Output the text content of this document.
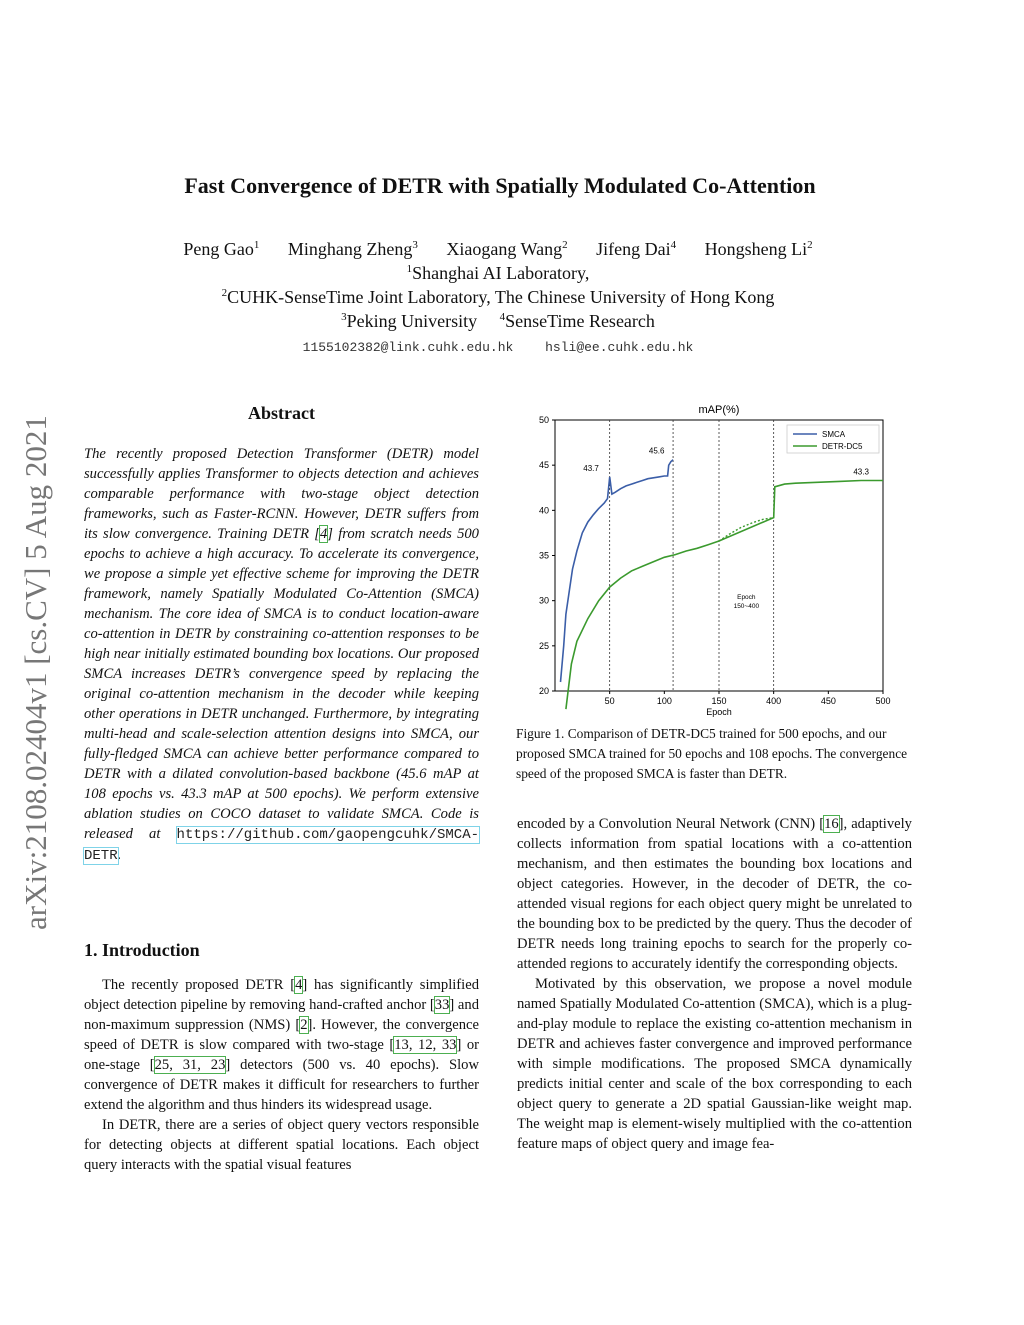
arXiv:2108.02404v1 [cs.CV] 5 Aug 2021
Fast Convergence of DETR with Spatially Modulated Co-Attention
Peng Gao$^1$ Minghang Zheng$^3$ Xiaogang Wang$^2$ Jifeng Dai$^4$ Hongsheng Li$^2$
$^1$Shanghai AI Laboratory,
$^2$CUHK-SenseTime Joint Laboratory, The Chinese University of Hong Kong
$^3$Peking University $^4$SenseTime Research
1155102382@link.cuhk.edu.hk hsli@ee.cuhk.edu.hk
Abstract
The recently proposed Detection Transformer (DETR) model successfully applies Transformer to objects detection and achieves comparable performance with two-stage object detection frameworks, such as Faster-RCNN. However, DETR suffers from its slow convergence. Training DETR [4] from scratch needs 500 epochs to achieve a high accuracy. To accelerate its convergence, we propose a simple yet effective scheme for improving the DETR framework, namely Spatially Modulated Co-Attention (SMCA) mechanism. The core idea of SMCA is to conduct location-aware co-attention in DETR by constraining co-attention responses to be high near initially estimated bounding box locations. Our proposed SMCA increases DETR’s convergence speed by replacing the original co-attention mechanism in the decoder while keeping other operations in DETR unchanged. Furthermore, by integrating multi-head and scale-selection attention designs into SMCA, our fully-fledged SMCA can achieve better performance compared to DETR with a dilated convolution-based backbone (45.6 mAP at 108 epochs vs. 43.3 mAP at 500 epochs). We perform extensive ablation studies on COCO dataset to validate SMCA. Code is released at https://github.com/gaopengcuhk/SMCA-DETR.
1. Introduction

The recently proposed DETR [4] has significantly simplified object detection pipeline by removing hand-crafted anchor [33] and non-maximum suppression (NMS) [2]. However, the convergence speed of DETR is slow compared with two-stage [13, 12, 33] or one-stage [25, 31, 23] detectors (500 vs. 40 epochs). Slow convergence of DETR makes it difficult for researchers to further extend the algorithm and thus hinders its widespread usage.

In DETR, there are a series of object query vectors responsible for detecting objects at different spatial locations. Each object query interacts with the spatial visual features

encoded by a Convolution Neural Network (CNN) [16], adaptively collects information from spatial locations with a co-attention mechanism, and then estimates the bounding box locations and object categories. However, in the decoder of DETR, the co-attended visual regions for each object query might be unrelated to the bounding box to be predicted by the query. Thus the decoder of DETR needs long training epochs to search for the properly co-attended regions to accurately identify the corresponding objects.

Motivated by this observation, we propose a novel module named Spatially Modulated Co-attention (SMCA), which is a plug-and-play module to replace the existing co-attention mechanism in DETR and achieves faster convergence and improved performance with simple modifications. The proposed SMCA dynamically predicts initial center and scale of the box corresponding to each object query to generate a 2D spatial Gaussian-like weight map. The weight map is element-wisely multiplied with the co-attention feature maps of object query and image fea-

mAP(%)
20
25
30
35
40
45
50
50	100	150	400	450	500
Epoch
Epoch
150~400
43.7
45.6
43.3
SMCA
DETR-DC5
Figure 1. Comparison of DETR-DC5 trained for 500 epochs, and our proposed SMCA trained for 50 epochs and 108 epochs. The convergence speed of the proposed SMCA is faster than DETR.
